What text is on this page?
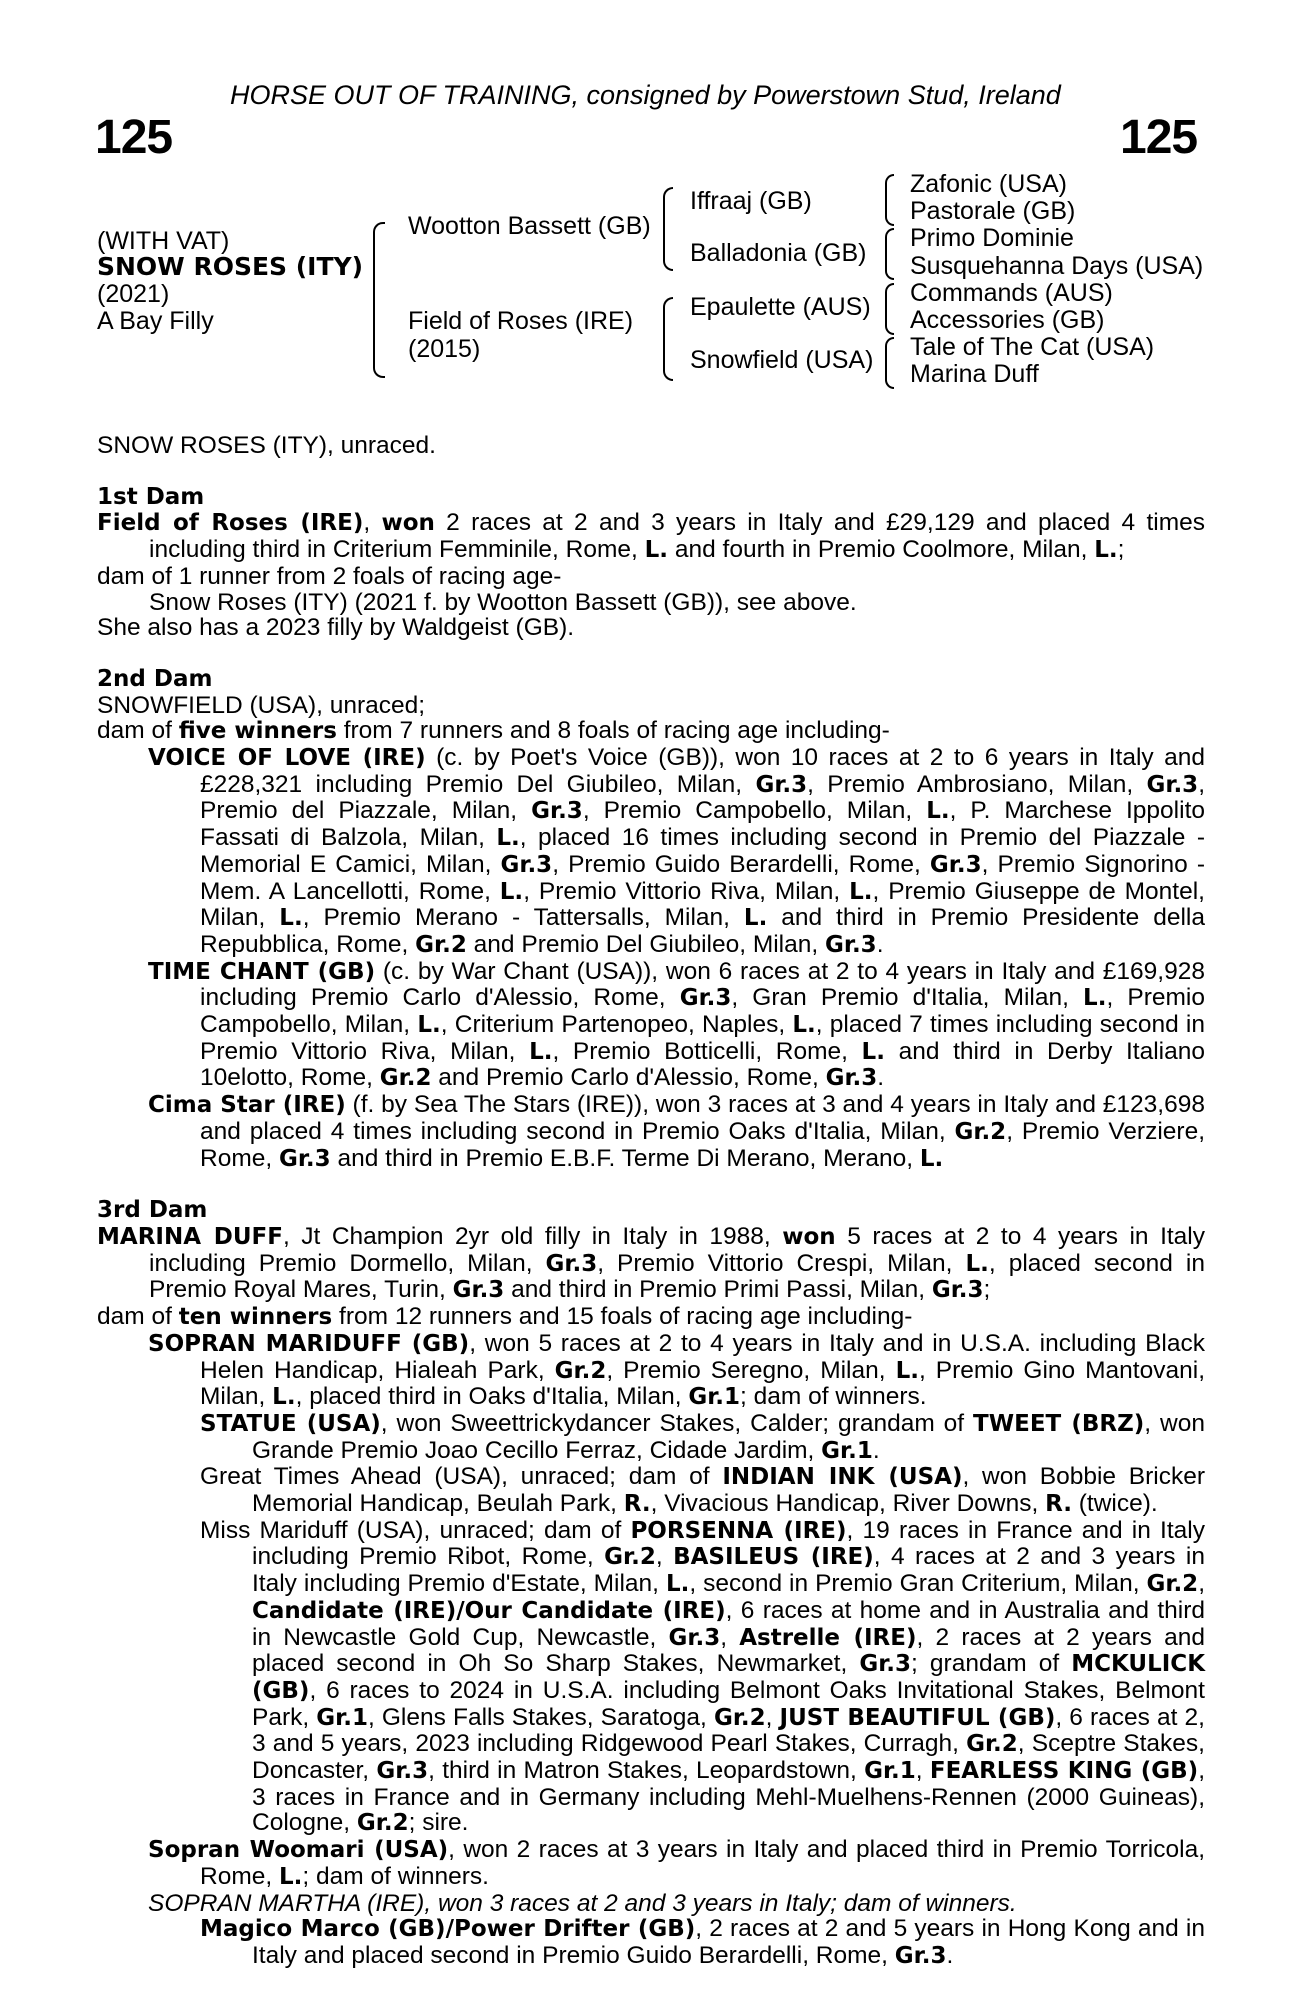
HORSE OUT OF TRAINING, consigned by Powerstown Stud, Ireland
125	125
(WITH VAT)
SNOW ROSES (ITY)
(2021)
A Bay Filly
Wootton Bassett (GB)
Field of Roses (IRE)
(2015)
Iffraaj (GB)
Balladonia (GB)
Epaulette (AUS)
Snowfield (USA)
Zafonic (USA)
Pastorale (GB)
Primo Dominie
Susquehanna Days (USA)
Commands (AUS)
Accessories (GB)
Tale of The Cat (USA)
Marina Duff

SNOW ROSES (ITY), unraced.

1st Dam

Field of Roses (IRE), won 2 races at 2 and 3 years in Italy and £29,129 and placed 4 times including third in Criterium Femminile, Rome, L. and fourth in Premio Coolmore, Milan, L.;

dam of 1 runner from 2 foals of racing age-

Snow Roses (ITY) (2021 f. by Wootton Bassett (GB)), see above.

She also has a 2023 filly by Waldgeist (GB).

2nd Dam

SNOWFIELD (USA), unraced;

dam of five winners from 7 runners and 8 foals of racing age including-

VOICE OF LOVE (IRE) (c. by Poet's Voice (GB)), won 10 races at 2 to 6 years in Italy and £228,321 including Premio Del Giubileo, Milan, Gr.3, Premio Ambrosiano, Milan, Gr.3, Premio del Piazzale, Milan, Gr.3, Premio Campobello, Milan, L., P. Marchese Ippolito Fassati di Balzola, Milan, L., placed 16 times including second in Premio del Piazzale - Memorial E Camici, Milan, Gr.3, Premio Guido Berardelli, Rome, Gr.3, Premio Signorino - Mem. A Lancellotti, Rome, L., Premio Vittorio Riva, Milan, L., Premio Giuseppe de Montel, Milan, L., Premio Merano - Tattersalls, Milan, L. and third in Premio Presidente della Repubblica, Rome, Gr.2 and Premio Del Giubileo, Milan, Gr.3.

TIME CHANT (GB) (c. by War Chant (USA)), won 6 races at 2 to 4 years in Italy and £169,928 including Premio Carlo d'Alessio, Rome, Gr.3, Gran Premio d'Italia, Milan, L., Premio Campobello, Milan, L., Criterium Partenopeo, Naples, L., placed 7 times including second in Premio Vittorio Riva, Milan, L., Premio Botticelli, Rome, L. and third in Derby Italiano 10elotto, Rome, Gr.2 and Premio Carlo d'Alessio, Rome, Gr.3.

Cima Star (IRE) (f. by Sea The Stars (IRE)), won 3 races at 3 and 4 years in Italy and £123,698 and placed 4 times including second in Premio Oaks d'Italia, Milan, Gr.2, Premio Verziere, Rome, Gr.3 and third in Premio E.B.F. Terme Di Merano, Merano, L.

3rd Dam

MARINA DUFF, Jt Champion 2yr old filly in Italy in 1988, won 5 races at 2 to 4 years in Italy including Premio Dormello, Milan, Gr.3, Premio Vittorio Crespi, Milan, L., placed second in Premio Royal Mares, Turin, Gr.3 and third in Premio Primi Passi, Milan, Gr.3;

dam of ten winners from 12 runners and 15 foals of racing age including-

SOPRAN MARIDUFF (GB), won 5 races at 2 to 4 years in Italy and in U.S.A. including Black Helen Handicap, Hialeah Park, Gr.2, Premio Seregno, Milan, L., Premio Gino Mantovani, Milan, L., placed third in Oaks d'Italia, Milan, Gr.1; dam of winners.

STATUE (USA), won Sweettrickydancer Stakes, Calder; grandam of TWEET (BRZ), won Grande Premio Joao Cecillo Ferraz, Cidade Jardim, Gr.1.

Great Times Ahead (USA), unraced; dam of INDIAN INK (USA), won Bobbie Bricker Memorial Handicap, Beulah Park, R., Vivacious Handicap, River Downs, R. (twice).

Miss Mariduff (USA), unraced; dam of PORSENNA (IRE), 19 races in France and in Italy including Premio Ribot, Rome, Gr.2, BASILEUS (IRE), 4 races at 2 and 3 years in Italy including Premio d'Estate, Milan, L., second in Premio Gran Criterium, Milan, Gr.2, Candidate (IRE)/Our Candidate (IRE), 6 races at home and in Australia and third in Newcastle Gold Cup, Newcastle, Gr.3, Astrelle (IRE), 2 races at 2 years and placed second in Oh So Sharp Stakes, Newmarket, Gr.3; grandam of MCKULICK (GB), 6 races to 2024 in U.S.A. including Belmont Oaks Invitational Stakes, Belmont Park, Gr.1, Glens Falls Stakes, Saratoga, Gr.2, JUST BEAUTIFUL (GB), 6 races at 2, 3 and 5 years, 2023 including Ridgewood Pearl Stakes, Curragh, Gr.2, Sceptre Stakes, Doncaster, Gr.3, third in Matron Stakes, Leopardstown, Gr.1, FEARLESS KING (GB), 3 races in France and in Germany including Mehl-Muelhens-Rennen (2000 Guineas), Cologne, Gr.2; sire.

Sopran Woomari (USA), won 2 races at 3 years in Italy and placed third in Premio Torricola, Rome, L.; dam of winners.

SOPRAN MARTHA (IRE), won 3 races at 2 and 3 years in Italy; dam of winners.

Magico Marco (GB)/Power Drifter (GB), 2 races at 2 and 5 years in Hong Kong and in Italy and placed second in Premio Guido Berardelli, Rome, Gr.3.
